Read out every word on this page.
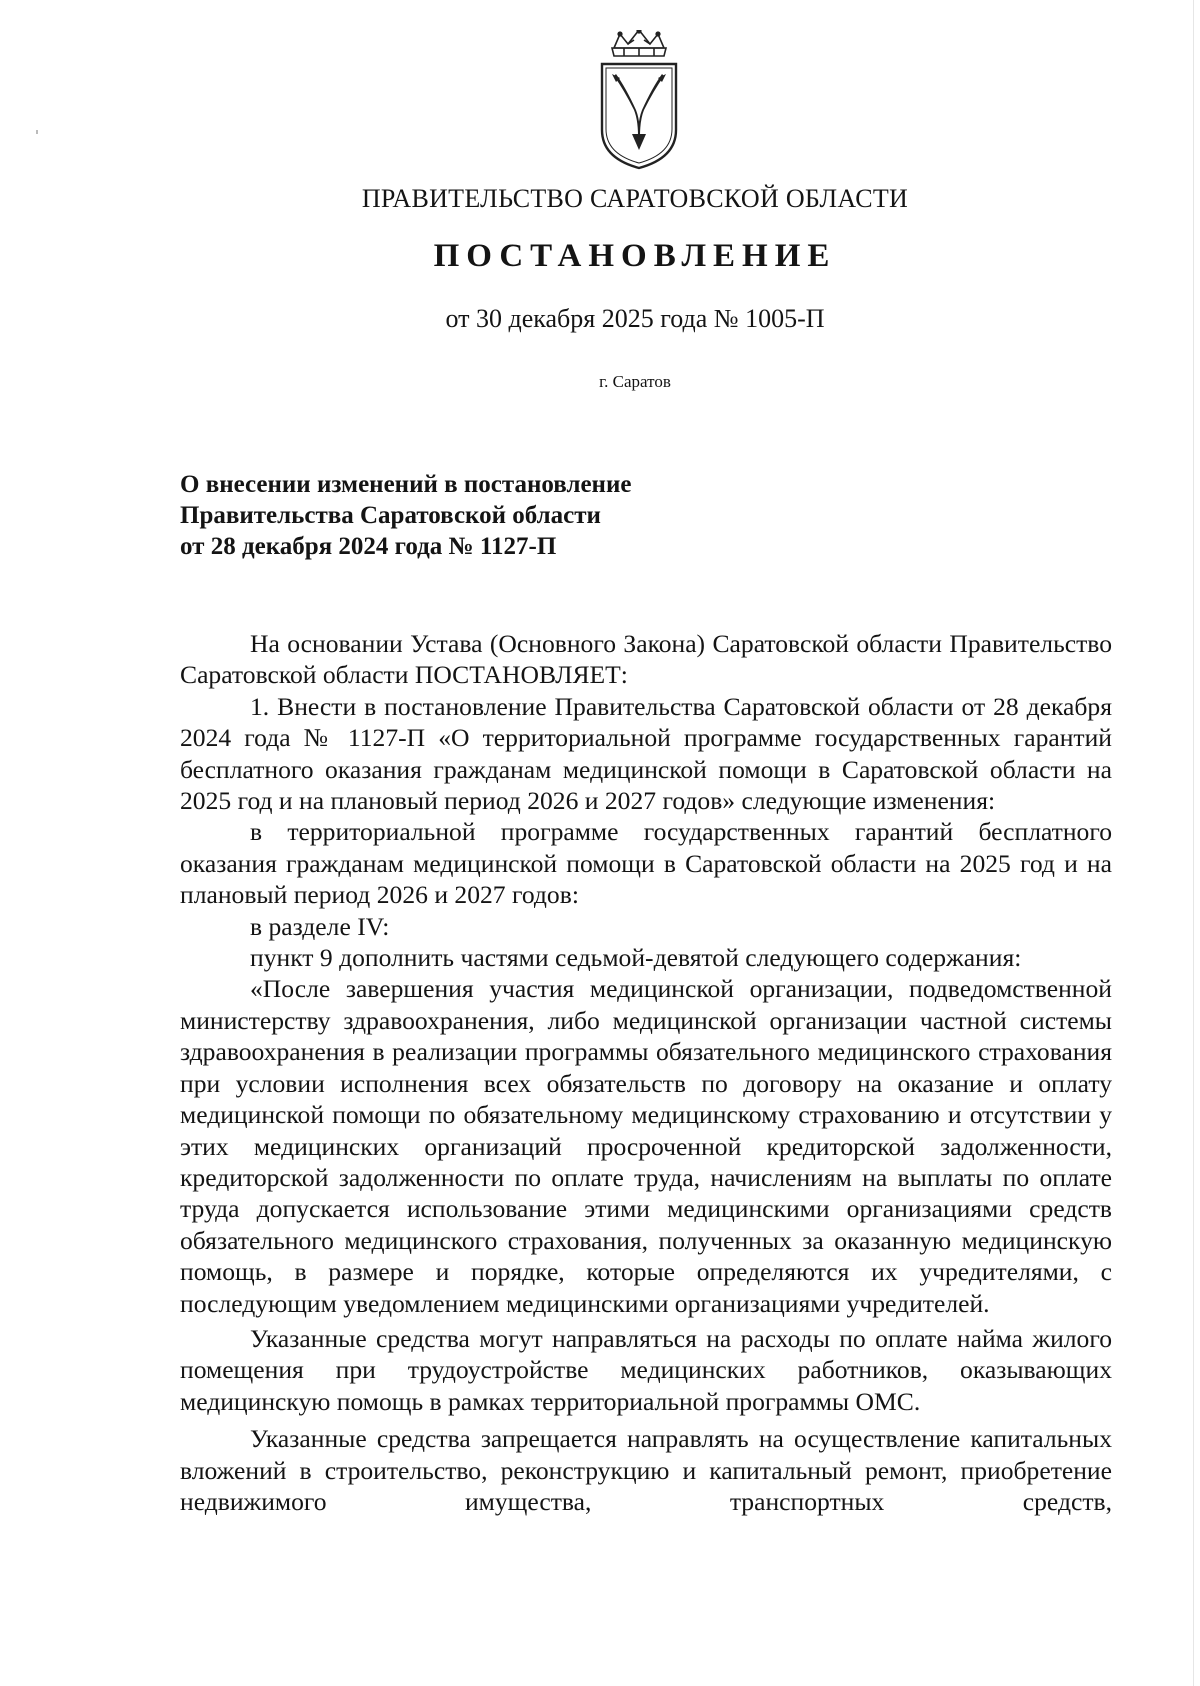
ПРАВИТЕЛЬСТВО САРАТОВСКОЙ ОБЛАСТИ
ПОСТАНОВЛЕНИЕ
от 30 декабря 2025 года № 1005-П
г. Саратов
О внесении изменений в постановление
Правительства Саратовской области
от 28 декабря 2024 года № 1127-П

На основании Устава (Основного Закона) Саратовской области Правительство Саратовской области ПОСТАНОВЛЯЕТ:

1. Внести в постановление Правительства Саратовской области от 28 декабря 2024 года № 1127-П «О территориальной программе государственных гарантий бесплатного оказания гражданам медицинской помощи в Саратовской области на 2025 год и на плановый период 2026 и 2027 годов» следующие изменения:

в территориальной программе государственных гарантий бесплатного оказания гражданам медицинской помощи в Саратовской области на 2025 год и на плановый период 2026 и 2027 годов:

в разделе IV:

пункт 9 дополнить частями седьмой-девятой следующего содержания:

«После завершения участия медицинской организации, подведомственной министерству здравоохранения, либо медицинской организации частной системы здравоохранения в реализации программы обязательного медицинского страхования при условии исполнения всех обязательств по договору на оказание и оплату медицинской помощи по обязательному медицинскому страхованию и отсутствии у этих медицинских организаций просроченной кредиторской задолженности, кредиторской задолженности по оплате труда, начислениям на выплаты по оплате труда допускается использование этими медицинскими организациями средств обязательного медицинского страхования, полученных за оказанную медицинскую помощь, в размере и порядке, которые определяются их учредителями, с последующим уведомлением медицинскими организациями учредителей.

Указанные средства могут направляться на расходы по оплате найма жилого помещения при трудоустройстве медицинских работников, оказывающих медицинскую помощь в рамках территориальной программы ОМС.

Указанные средства запрещается направлять на осуществление капитальных вложений в строительство, реконструкцию и капитальный ремонт, приобретение недвижимого имущества, транспортных средств,
